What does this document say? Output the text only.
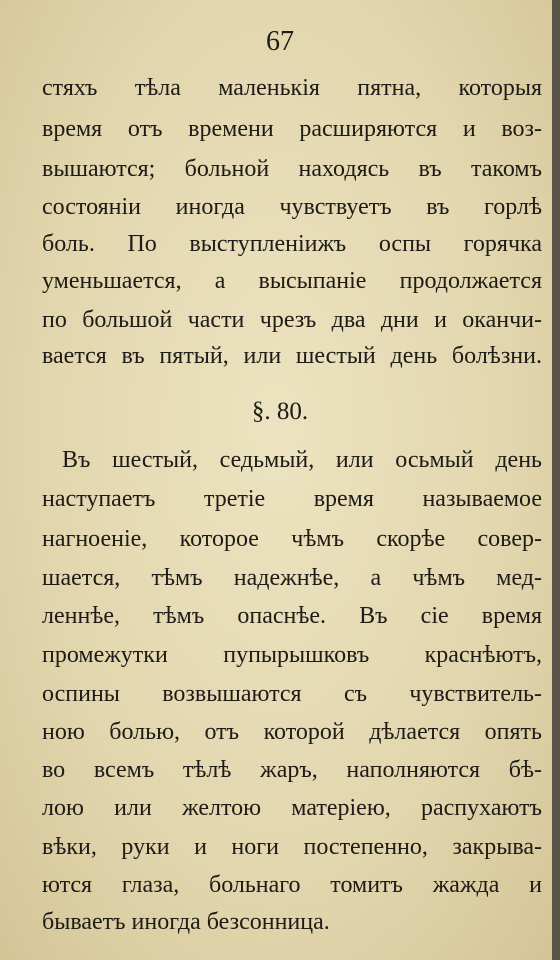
67
стяхъ тѣла маленькія пятна, которыя
время отъ времени расширяются и воз-
вышаются; больной находясь въ такомъ
состояніи иногда чувствуетъ въ горлѣ
боль. По выступленіижъ оспы горячка
уменьшается, а высыпаніе продолжается
по большой части чрезъ два дни и оканчи-
вается въ пятый, или шестый день болѣзни.
§. 80.
Въ шестый, седьмый, или осьмый день
наступаетъ третіе время называемое
нагноеніе, которое чѣмъ скорѣе совер-
шается, тѣмъ надежнѣе, а чѣмъ мед-
леннѣе, тѣмъ опаснѣе. Въ сіе время
промежутки пупырышковъ краснѣютъ,
оспины возвышаются съ чувствитель-
ною болью, отъ которой дѣлается опять
во всемъ тѣлѣ жаръ, наполняются бѣ-
лою или желтою матеріею, распухаютъ
вѣки, руки и ноги постепенно, закрыва-
ются глаза, больнаго томитъ жажда и
бываетъ иногда безсонница.
